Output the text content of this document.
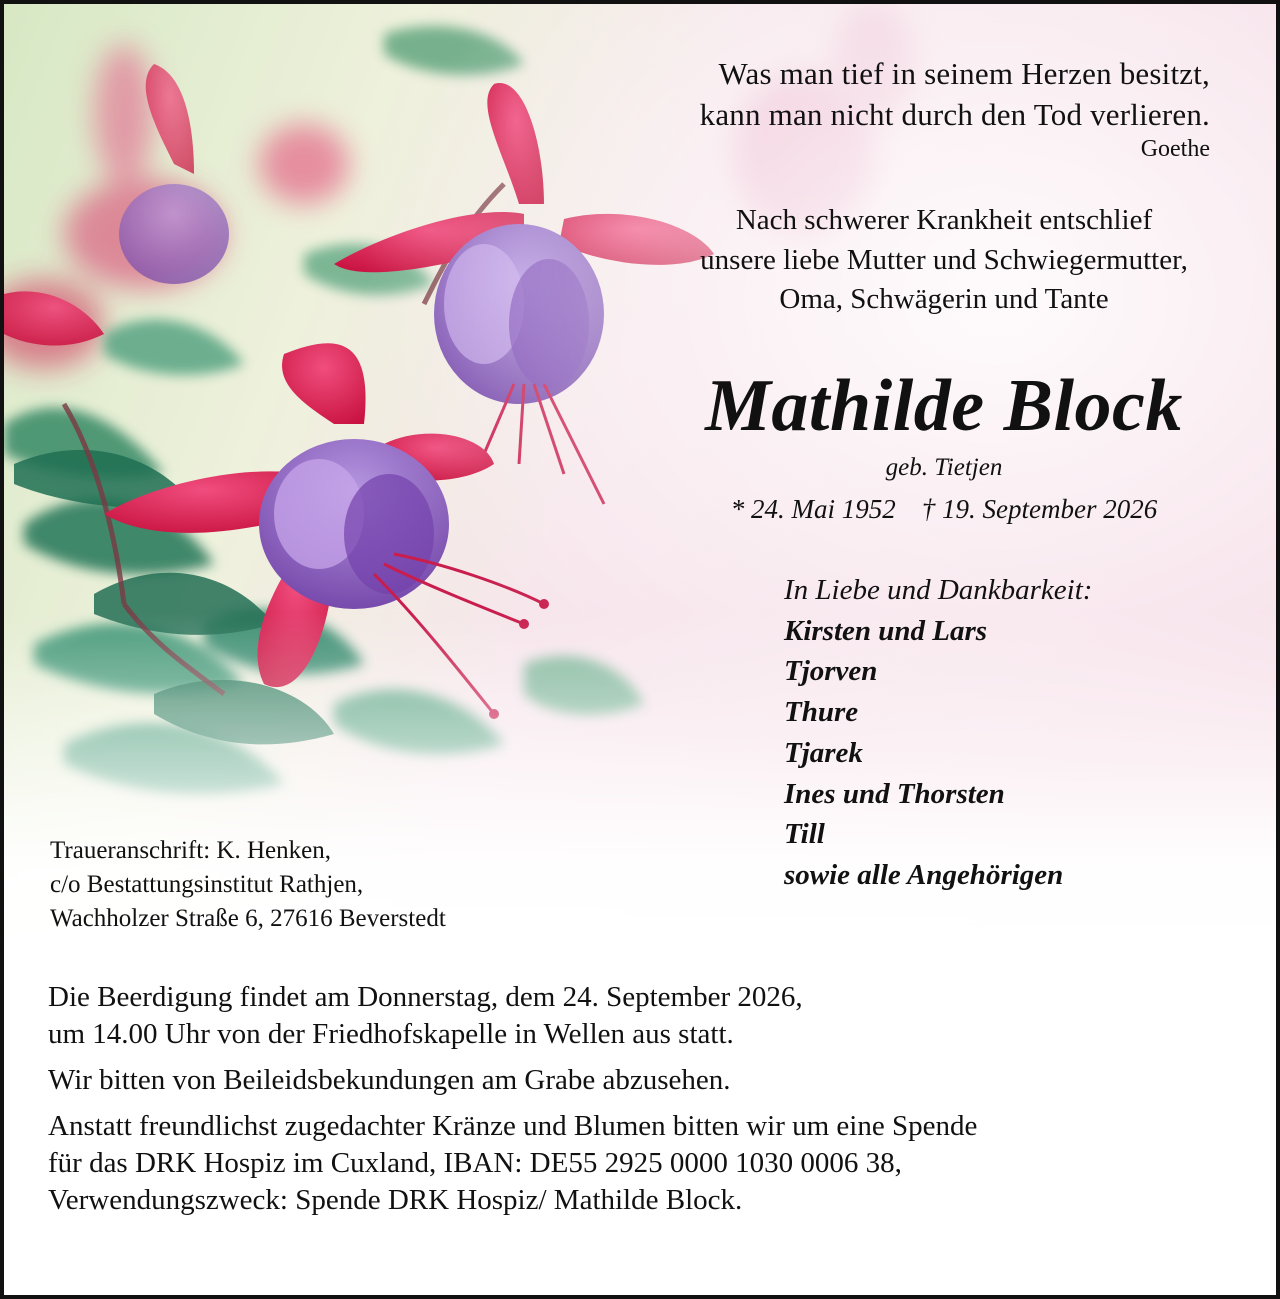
Was man tief in seinem Herzen besitzt,
kann man nicht durch den Tod verlieren.
Goethe
Nach schwerer Krankheit entschlief
unsere liebe Mutter und Schwiegermutter,
Oma, Schwägerin und Tante
Mathilde Block
geb. Tietjen
* 24. Mai 1952 † 19. September 2026
In Liebe und Dankbarkeit:
Kirsten und Lars
Tjorven
Thure
Tjarek
Ines und Thorsten
Till
sowie alle Angehörigen
Traueranschrift: K. Henken,
c/o Bestattungsinstitut Rathjen,
Wachholzer Straße 6, 27616 Beverstedt
Die Beerdigung findet am Donnerstag, dem 24. September 2026,
um 14.00 Uhr von der Friedhofskapelle in Wellen aus statt.
Wir bitten von Beileidsbekundungen am Grabe abzusehen.
Anstatt freundlichst zugedachter Kränze und Blumen bitten wir um eine Spende
für das DRK Hospiz im Cuxland, IBAN: DE55 2925 0000 1030 0006 38,
Verwendungszweck: Spende DRK Hospiz/ Mathilde Block.
